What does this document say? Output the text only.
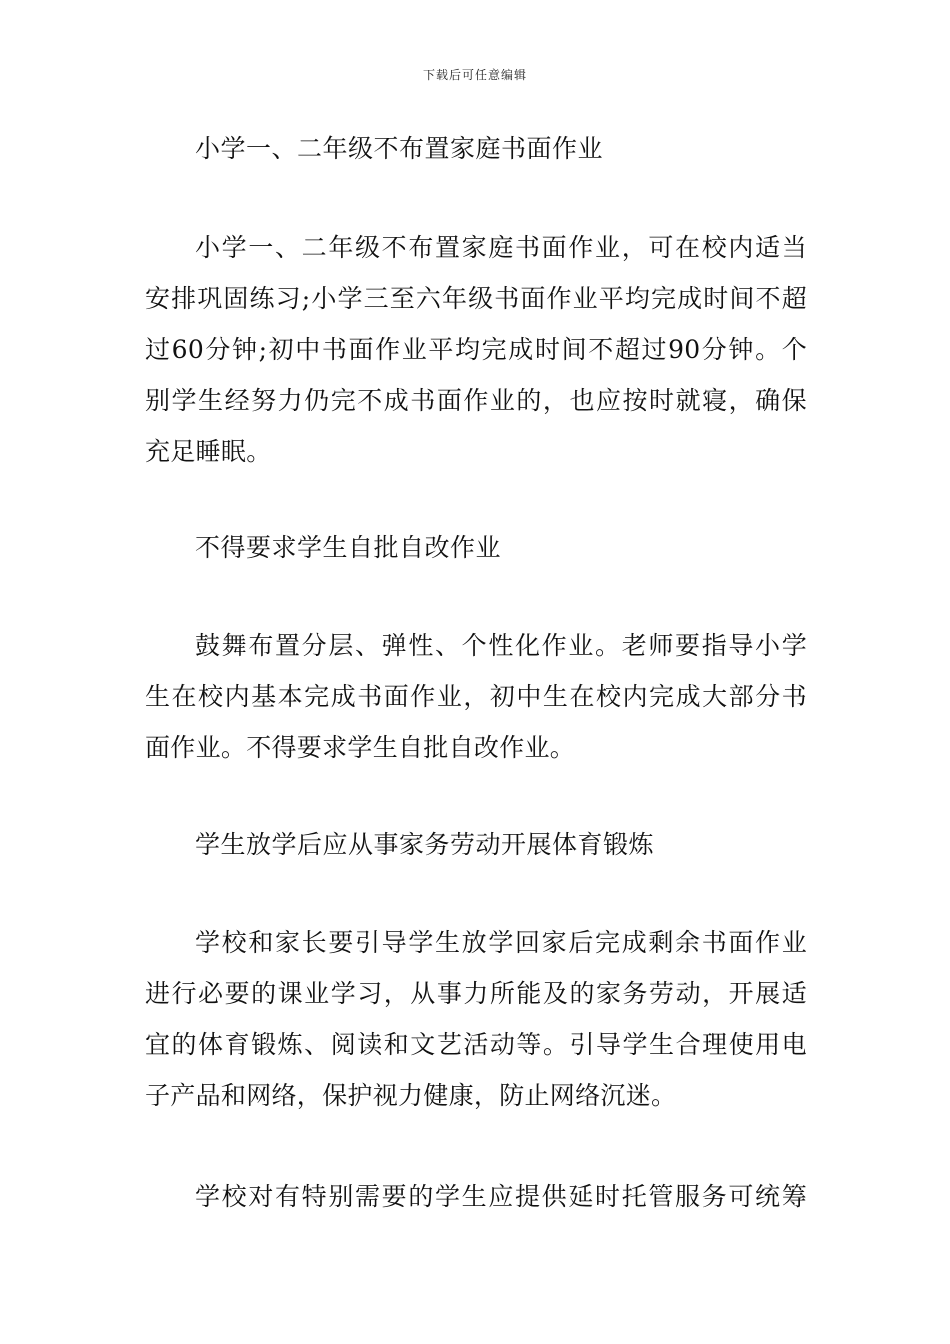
下载后可任意编辑
小学一、二年级不布置家庭书面作业
小学一、二年级不布置家庭书面作业，可在校内适当
安排巩固练习;小学三至六年级书面作业平均完成时间不超
过60分钟;初中书面作业平均完成时间不超过90分钟。个
别学生经努力仍完不成书面作业的，也应按时就寝，确保
充足睡眠。
不得要求学生自批自改作业
鼓舞布置分层、弹性、个性化作业。老师要指导小学
生在校内基本完成书面作业，初中生在校内完成大部分书
面作业。不得要求学生自批自改作业。
学生放学后应从事家务劳动开展体育锻炼
学校和家长要引导学生放学回家后完成剩余书面作业
进行必要的课业学习，从事力所能及的家务劳动，开展适
宜的体育锻炼、阅读和文艺活动等。引导学生合理使用电
子产品和网络，保护视力健康，防止网络沉迷。
学校对有特别需要的学生应提供延时托管服务可统筹
